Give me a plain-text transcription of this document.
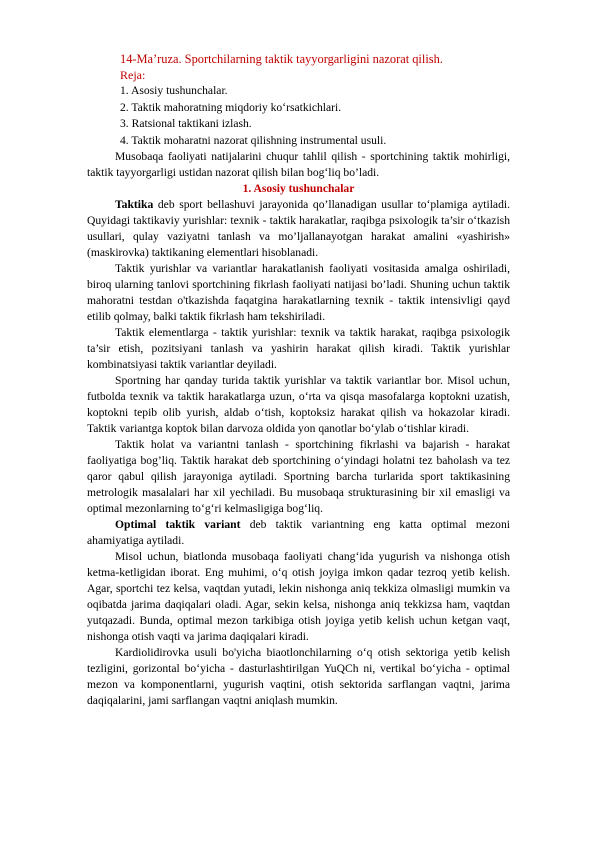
14-Ma’ruza. Sportchilarning taktik tayyorgarligini nazorat qilish.
Reja:
1. Asosiy tushunchalar.
2. Taktik mahoratning miqdoriy ko‘rsatkichlari.
3. Ratsional taktikani izlash.
4. Taktik moharatni nazorat qilishning instrumental usuli.

Musobaqa faoliyati natijalarini chuqur tahlil qilish - sportchining taktik mohirligi, taktik tayyorgarligi ustidan nazorat qilish bilan bog‘liq bo’ladi.

1. Asosiy tushunchalar

Taktika deb sport bellashuvi jarayonida qo’llanadigan usullar to‘plamiga aytiladi. Quyidagi taktikaviy yurishlar: texnik - taktik harakatlar, raqibga psixologik ta’sir o‘tkazish usullari, qulay vaziyatni tanlash va mo’ljallanayotgan harakat amalini «yashirish» (maskirovka) taktikaning elementlari hisoblanadi.

Taktik yurishlar va variantlar harakatlanish faoliyati vositasida amalga oshiriladi, biroq ularning tanlovi sportchining fikrlash faoliyati natijasi bo’ladi. Shuning uchun taktik mahoratni testdan o'tkazishda faqatgina harakatlarning texnik - taktik intensivligi qayd etilib qolmay, balki taktik fikrlash ham tekshiriladi.

Taktik elementlarga - taktik yurishlar: texnik va taktik harakat, raqibga psixologik ta’sir etish, pozitsiyani tanlash va yashirin harakat qilish kiradi. Taktik yurishlar kombinatsiyasi taktik variantlar deyiladi.

Sportning har qanday turida taktik yurishlar va taktik variantlar bor. Misol uchun, futbolda texnik va taktik harakatlarga uzun, o‘rta va qisqa masofalarga koptokni uzatish, koptokni tepib olib yurish, aldab o‘tish, koptoksiz harakat qilish va hokazolar kiradi. Taktik variantga koptok bilan darvoza oldida yon qanotlar bo‘ylab o‘tishlar kiradi.

Taktik holat va variantni tanlash - sportchining fikrlashi va bajarish - harakat faoliyatiga bog’liq. Taktik harakat deb sportchining o‘yindagi holatni tez baholash va tez qaror qabul qilish jarayoniga aytiladi. Sportning barcha turlarida sport taktikasining metrologik masalalari har xil yechiladi. Bu musobaqa strukturasining bir xil emasligi va optimal mezonlarning to‘g‘ri kelmasligiga bog‘liq.

Optimal taktik variant deb taktik variantning eng katta optimal mezoni ahamiyatiga aytiladi.

Misol uchun, biatlonda musobaqa faoliyati chang‘ida yugurish va nishonga otish ketma-ketligidan iborat. Eng muhimi, o‘q otish joyiga imkon qadar tezroq yetib kelish. Agar, sportchi tez kelsa, vaqtdan yutadi, lekin nishonga aniq tekkiza olmasligi mumkin va oqibatda jarima daqiqalari oladi. Agar, sekin kelsa, nishonga aniq tekkizsa ham, vaqtdan yutqazadi. Bunda, optimal mezon tarkibiga otish joyiga yetib kelish uchun ketgan vaqt, nishonga otish vaqti va jarima daqiqalari kiradi.

Kardiolidirovka usuli bo'yicha biaotlonchilarning o‘q otish sektoriga yetib kelish tezligini, gorizontal bo‘yicha - dasturlashtirilgan YuQCh ni, vertikal bo‘yicha - optimal mezon va komponentlarni, yugurish vaqtini, otish sektorida sarflangan vaqtni, jarima daqiqalarini, jami sarflangan vaqtni aniqlash mumkin.
